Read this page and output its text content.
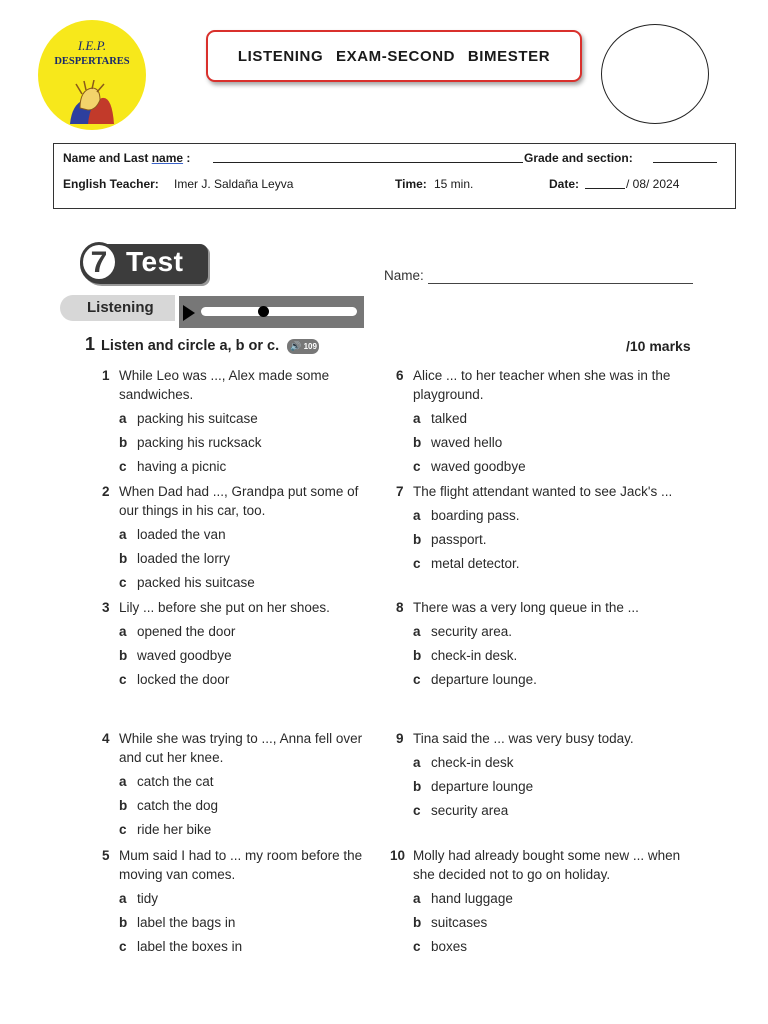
I.E.P.
DESPERTARES	LISTENING EXAM-SECOND BIMESTER
Name and Last name :	Grade and section:
English Teacher: Imer J. Saldaña Leyva	Time: 15 min.	Date:	/ 08/ 2024
7 Test	Name:
Listening
1 Listen and circle a, b or c. 🔊 109	/10 marks
1 While Leo was ..., Alex made some sandwiches.
a packing his suitcase
b packing his rucksack
c having a picnic
2 When Dad had ..., Grandpa put some of our things in his car, too.
a loaded the van
b loaded the lorry
c packed his suitcase
3 Lily ... before she put on her shoes.
a opened the door
b waved goodbye
c locked the door
4 While she was trying to ..., Anna fell over and cut her knee.
a catch the cat
b catch the dog
c ride her bike
5 Mum said I had to ... my room before the moving van comes.
a tidy
b label the bags in
c label the boxes in
6 Alice ... to her teacher when she was in the playground.
a talked
b waved hello
c waved goodbye
7 The flight attendant wanted to see Jack's ...
a boarding pass.
b passport.
c metal detector.
8 There was a very long queue in the ...
a security area.
b check-in desk.
c departure lounge.
9 Tina said the ... was very busy today.
a check-in desk
b departure lounge
c security area
10 Molly had already bought some new ... when she decided not to go on holiday.
a hand luggage
b suitcases
c boxes
